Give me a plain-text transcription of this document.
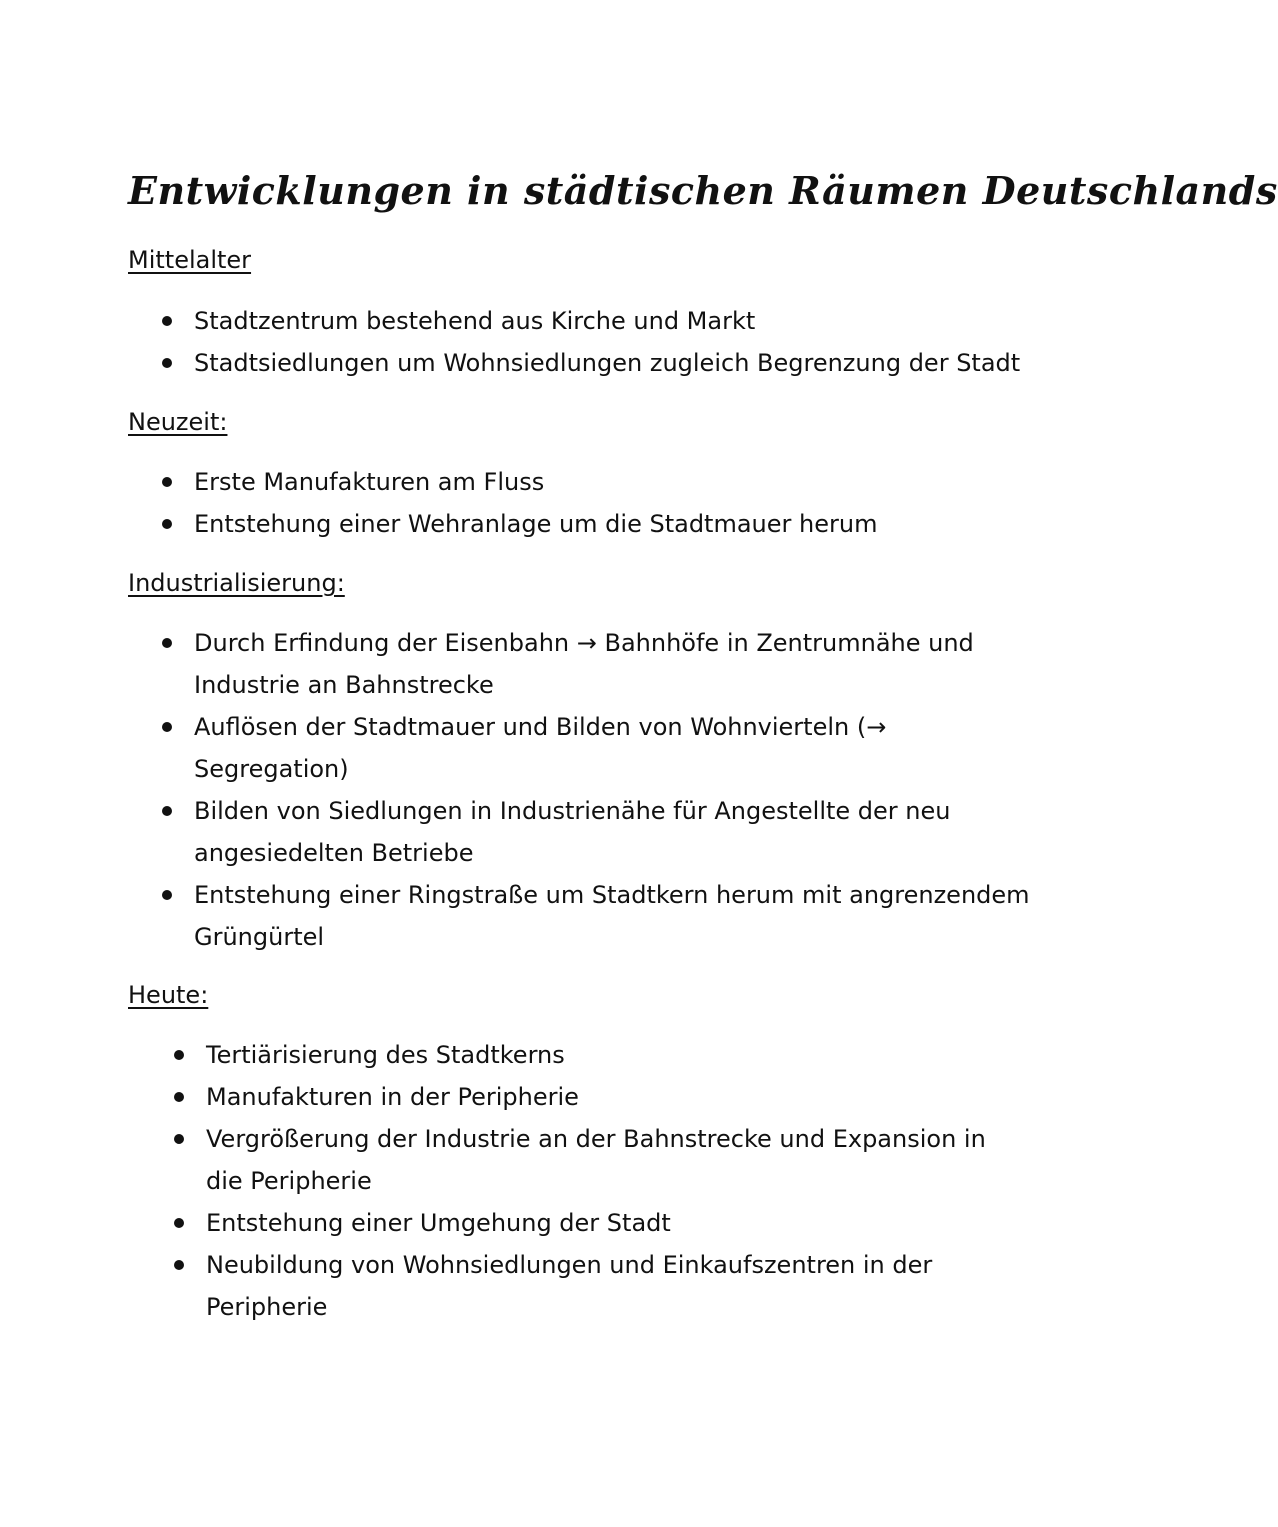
Entwicklungen in städtischen Räumen Deutschlands
Mittelalter
Stadtzentrum bestehend aus Kirche und Markt
Stadtsiedlungen um Wohnsiedlungen zugleich Begrenzung der Stadt
Neuzeit:
Erste Manufakturen am Fluss
Entstehung einer Wehranlage um die Stadtmauer herum
Industrialisierung:
Durch Erfindung der Eisenbahn → Bahnhöfe in Zentrumnähe und
Industrie an Bahnstrecke
Auflösen der Stadtmauer und Bilden von Wohnvierteln (→
Segregation)
Bilden von Siedlungen in Industrienähe für Angestellte der neu
angesiedelten Betriebe
Entstehung einer Ringstraße um Stadtkern herum mit angrenzendem
Grüngürtel
Heute:
Tertiärisierung des Stadtkerns
Manufakturen in der Peripherie
Vergrößerung der Industrie an der Bahnstrecke und Expansion in
die Peripherie
Entstehung einer Umgehung der Stadt
Neubildung von Wohnsiedlungen und Einkaufszentren in der
Peripherie
